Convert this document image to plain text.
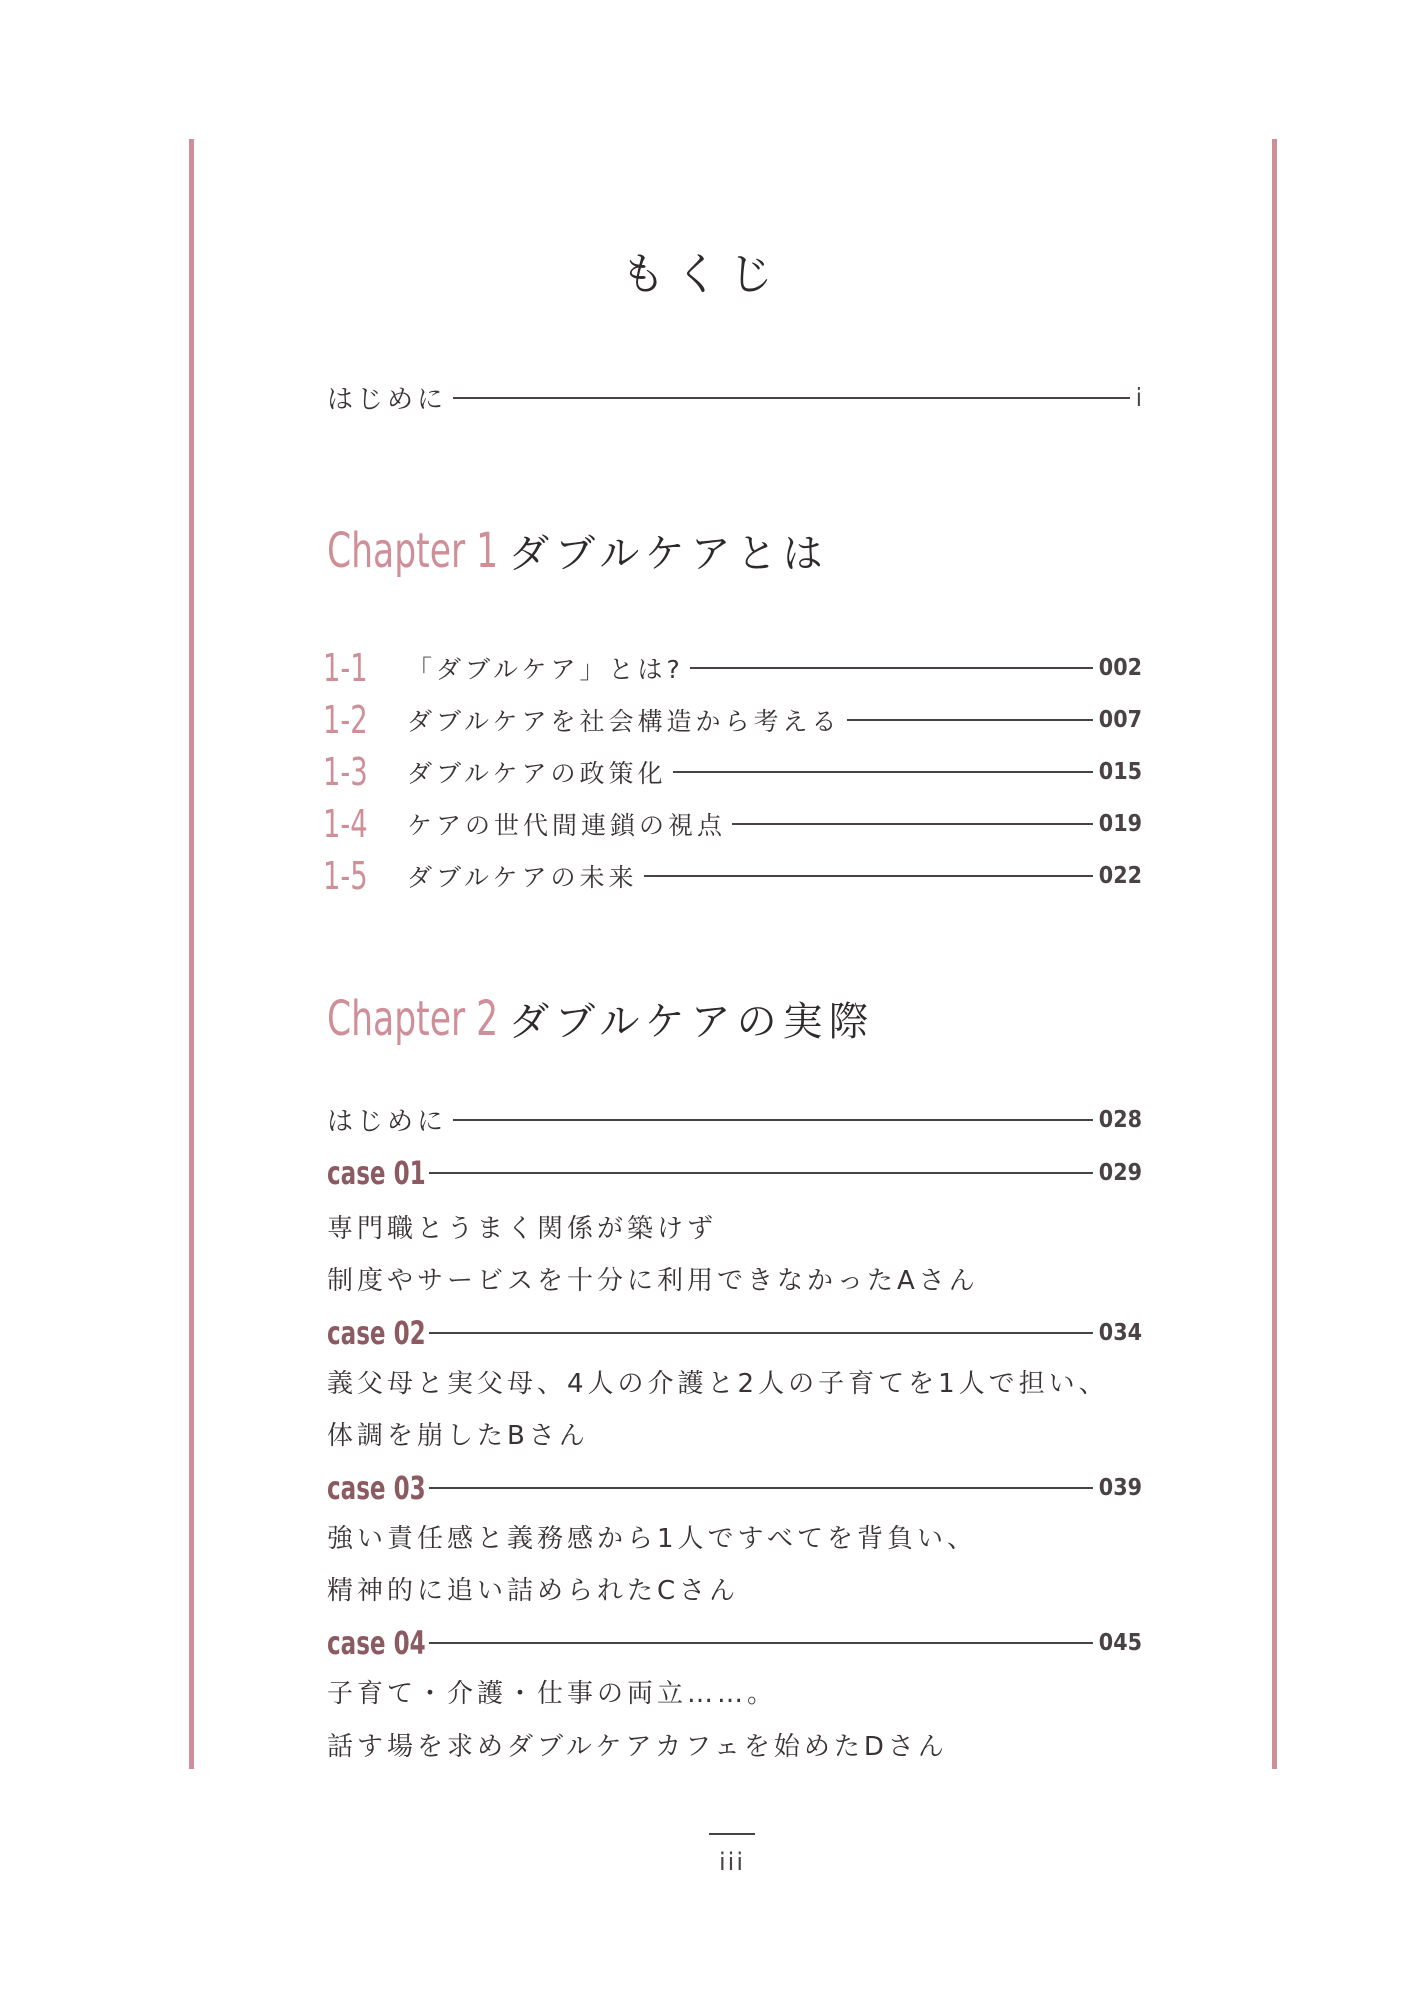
もくじ
はじめに	i
Chapter 1 ダブルケアとは
1-1	「ダブルケア」とは?	002
1-2	ダブルケアを社会構造から考える	007
1-3	ダブルケアの政策化	015
1-4	ケアの世代間連鎖の視点	019
1-5	ダブルケアの未来	022
Chapter 2 ダブルケアの実際
はじめに	028
case 01	029
専門職とうまく関係が築けず
制度やサービスを十分に利用できなかったAさん
case 02	034
義父母と実父母、4人の介護と2人の子育てを1人で担い、
体調を崩したBさん
case 03	039
強い責任感と義務感から1人ですべてを背負い、
精神的に追い詰められたCさん
case 04	045
子育て・介護・仕事の両立……。
話す場を求めダブルケアカフェを始めたDさん
iii
